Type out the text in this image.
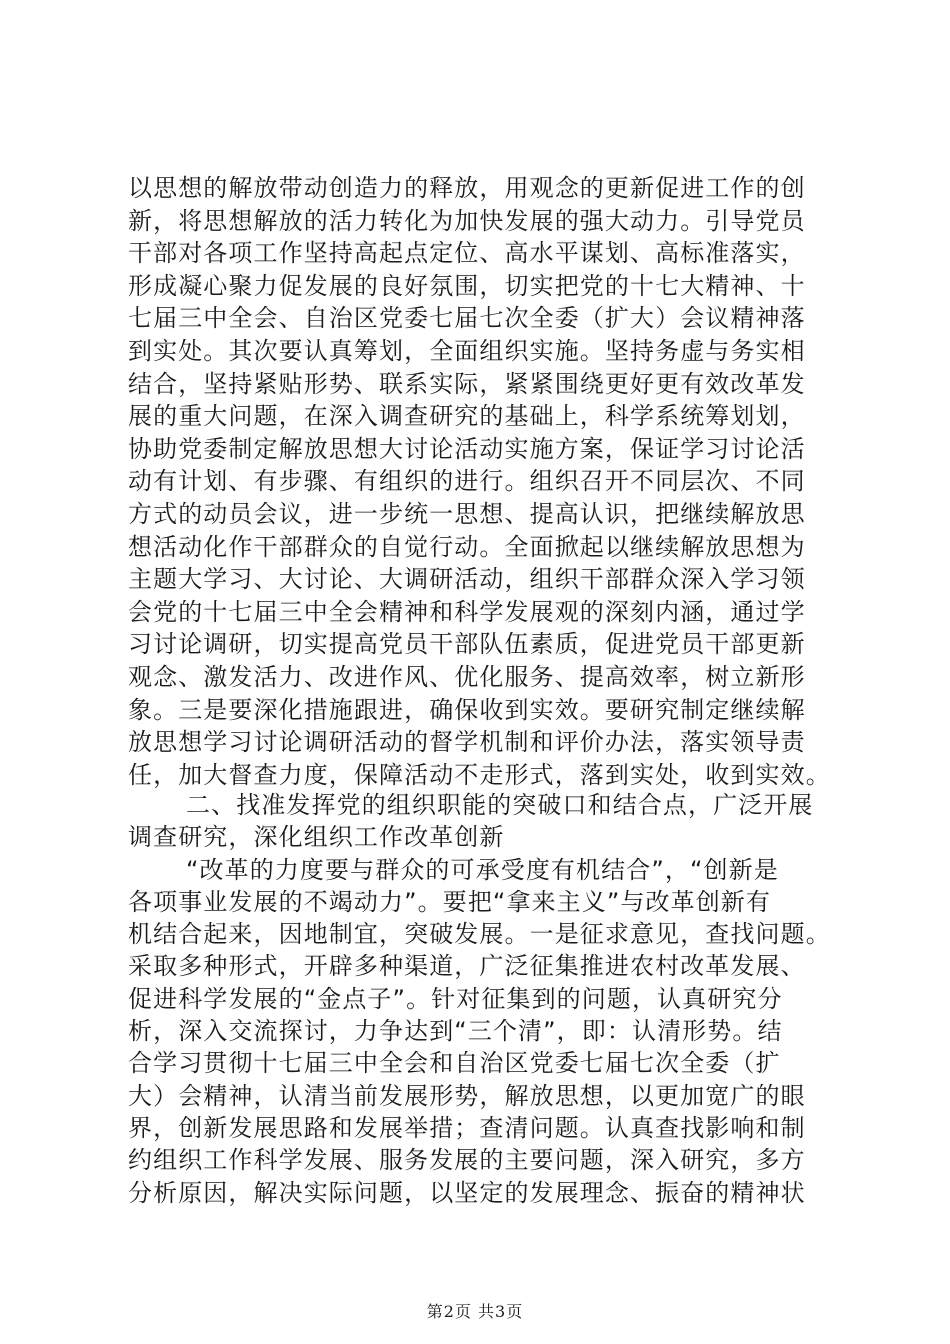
以思想的解放带动创造力的释放，用观念的更新促进工作的创
新，将思想解放的活力转化为加快发展的强大动力。引导党员
干部对各项工作坚持高起点定位、高水平谋划、高标准落实，
形成凝心聚力促发展的良好氛围，切实把党的十七大精神、十
七届三中全会、自治区党委七届七次全委（扩大）会议精神落
到实处。其次要认真筹划，全面组织实施。坚持务虚与务实相
结合，坚持紧贴形势、联系实际，紧紧围绕更好更有效改革发
展的重大问题，在深入调查研究的基础上，科学系统筹划划，
协助党委制定解放思想大讨论活动实施方案，保证学习讨论活
动有计划、有步骤、有组织的进行。组织召开不同层次、不同
方式的动员会议，进一步统一思想、提高认识，把继续解放思
想活动化作干部群众的自觉行动。全面掀起以继续解放思想为
主题大学习、大讨论、大调研活动，组织干部群众深入学习领
会党的十七届三中全会精神和科学发展观的深刻内涵，通过学
习讨论调研，切实提高党员干部队伍素质，促进党员干部更新
观念、激发活力、改进作风、优化服务、提高效率，树立新形
象。三是要深化措施跟进，确保收到实效。要研究制定继续解
放思想学习讨论调研活动的督学机制和评价办法，落实领导责
任，加大督查力度，保障活动不走形式，落到实处，收到实效。
二、找准发挥党的组织职能的突破口和结合点，广泛开展
调查研究，深化组织工作改革创新
“改革的力度要与群众的可承受度有机结合”，“创新是
各项事业发展的不竭动力”。要把“拿来主义”与改革创新有
机结合起来，因地制宜，突破发展。一是征求意见，查找问题。
采取多种形式，开辟多种渠道，广泛征集推进农村改革发展、
促进科学发展的“金点子”。针对征集到的问题，认真研究分
析，深入交流探讨，力争达到“三个清”，即：认清形势。结
合学习贯彻十七届三中全会和自治区党委七届七次全委（扩
大）会精神，认清当前发展形势，解放思想，以更加宽广的眼
界，创新发展思路和发展举措；查清问题。认真查找影响和制
约组织工作科学发展、服务发展的主要问题，深入研究，多方
分析原因，解决实际问题，以坚定的发展理念、振奋的精神状
第2页 共3页
